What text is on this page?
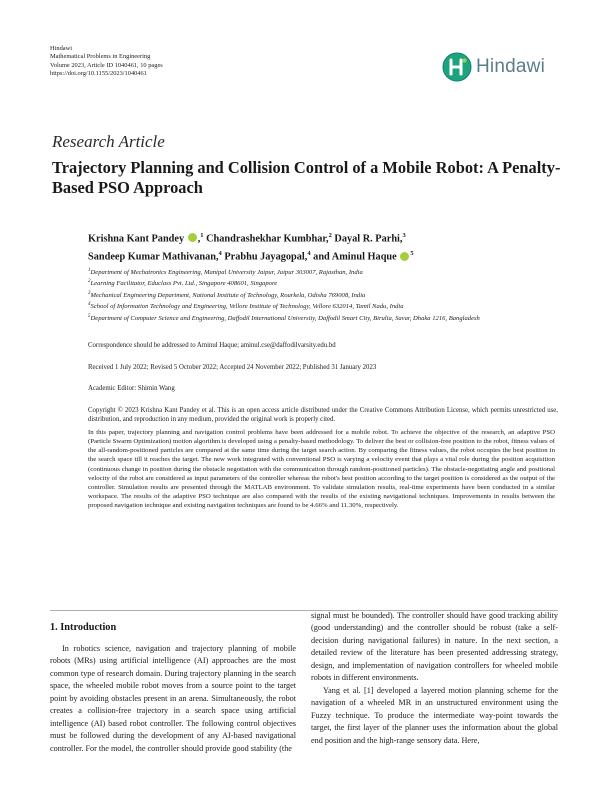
Hindawi
Mathematical Problems in Engineering
Volume 2023, Article ID 1040461, 10 pages
https://doi.org/10.1155/2023/1040461	Hindawi
Research Article
Trajectory Planning and Collision Control of a Mobile Robot: A Penalty-Based PSO Approach
Krishna Kant Pandey ,$^1$ Chandrashekhar Kumbhar,$^2$ Dayal R. Parhi,$^3$
Sandeep Kumar Mathivanan,$^4$ Prabhu Jayagopal,$^4$ and Aminul Haque $^5$
$^1$Department of Mechatronics Engineering, Manipal University Jaipur, Jaipur 303007, Rajasthan, India
$^2$Learning Facilitator, Educlass Pvt. Ltd., Singapore 408601, Singapore
$^3$Mechanical Engineering Department, National Institute of Technology, Rourkela, Odisha 769008, India
$^4$School of Information Technology and Engineering, Vellore Institute of Technology, Vellore 632014, Tamil Nadu, India
$^5$Department of Computer Science and Engineering, Daffodil International University, Daffodil Smart City, Birulia, Savar, Dhaka 1216, Bangladesh
Correspondence should be addressed to Aminul Haque; aminul.cse@daffodilvarsity.edu.bd
Received 1 July 2022; Revised 5 October 2022; Accepted 24 November 2022; Published 31 January 2023
Academic Editor: Shimin Wang
Copyright © 2023 Krishna Kant Pandey et al. This is an open access article distributed under the Creative Commons Attribution License, which permits unrestricted use, distribution, and reproduction in any medium, provided the original work is properly cited.
In this paper, trajectory planning and navigation control problems have been addressed for a mobile robot. To achieve the objective of the research, an adaptive PSO (Particle Swarm Optimization) motion algorithm is developed using a penalty-based methodology. To deliver the best or collision-free position to the robot, fitness values of the all-random-positioned particles are compared at the same time during the target search action. By comparing the fitness values, the robot occupies the best position in the search space till it reaches the target. The new work integrated with conventional PSO is varying a velocity event that plays a vital role during the position acquisition (continuous change in position during the obstacle negotiation with the communication through random-positioned particles). The obstacle-negotiating angle and positional velocity of the robot are considered as input parameters of the controller whereas the robot's best position according to the target position is considered as the output of the controller. Simulation results are presented through the MATLAB environment. To validate simulation results, real-time experiments have been conducted in a similar workspace. The results of the adaptive PSO technique are also compared with the results of the existing navigational techniques. Improvements in results between the proposed navigation technique and existing navigation techniques are found to be 4.66% and 11.30%, respectively.
1. Introduction

In robotics science, navigation and trajectory planning of mobile robots (MRs) using artificial intelligence (AI) approaches are the most common type of research domain. During trajectory planning in the search space, the wheeled mobile robot moves from a source point to the target point by avoiding obstacles present in an arena. Simultaneously, the robot creates a collision-free trajectory in a search space using artificial intelligence (AI) based robot controller. The following control objectives must be followed during the development of any AI-based navigational controller. For the model, the controller should provide good stability (the

signal must be bounded). The controller should have good tracking ability (good understanding) and the controller should be robust (take a self-decision during navigational failures) in nature. In the next section, a detailed review of the literature has been presented addressing strategy, design, and implementation of navigation controllers for wheeled mobile robots in different environments.

Yang et al. [1] developed a layered motion planning scheme for the navigation of a wheeled MR in an unstructured environment using the Fuzzy technique. To produce the intermediate way-point towards the target, the first layer of the planner uses the information about the global end position and the high-range sensory data. Here,
